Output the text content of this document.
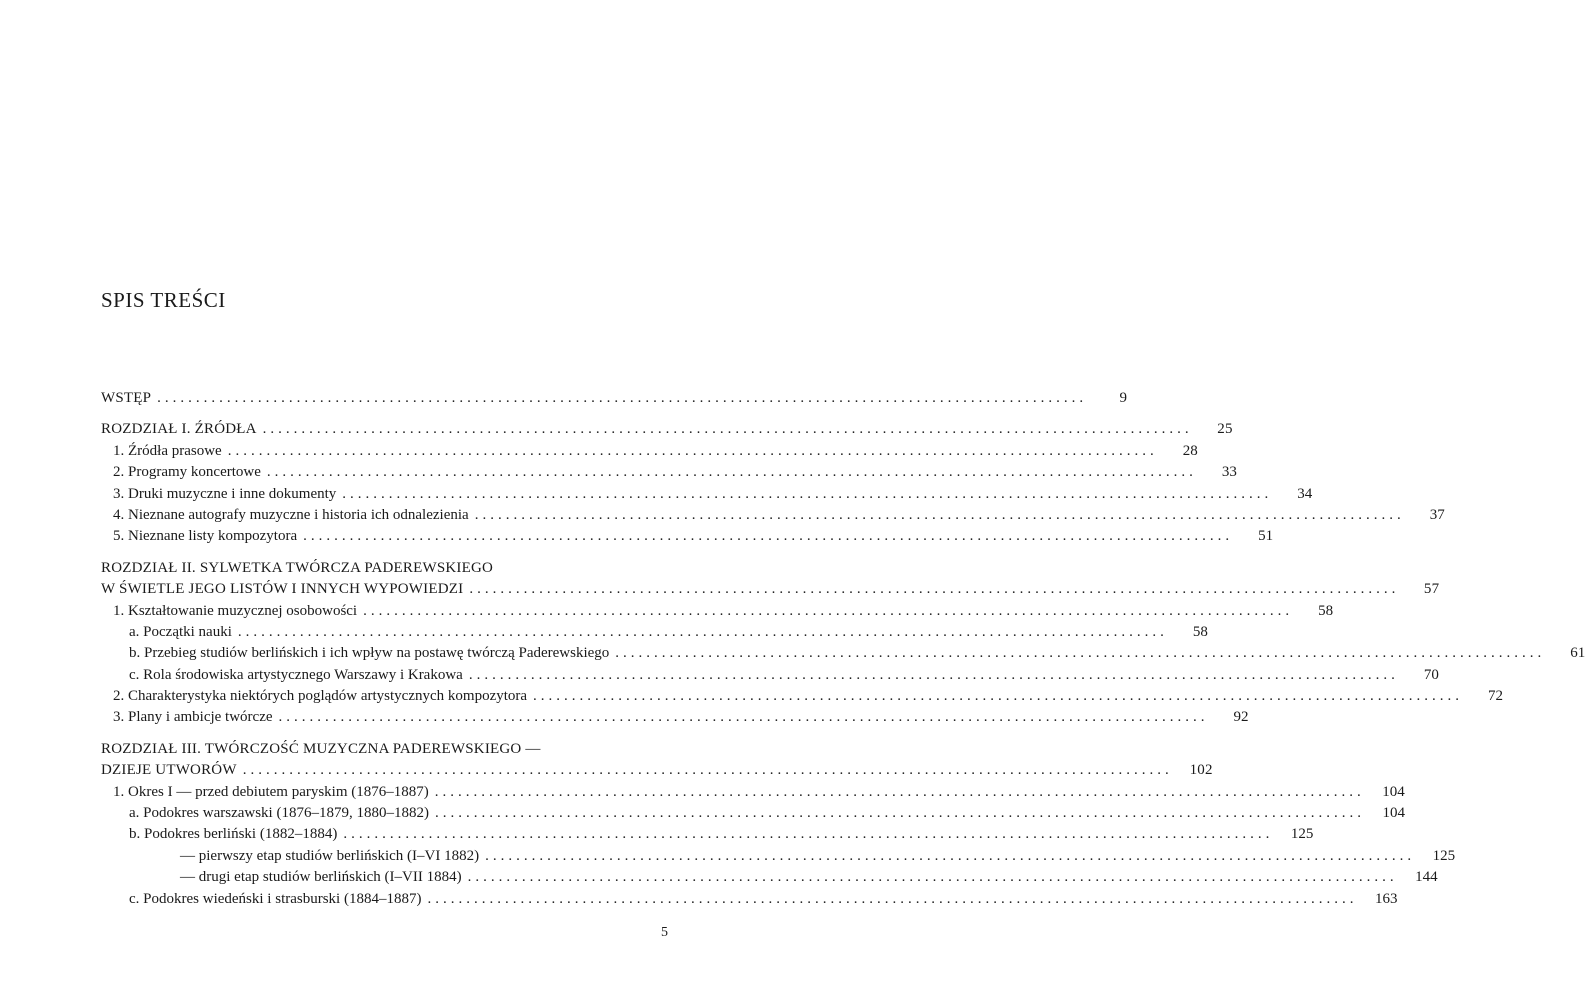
SPIS TREŚCI
WSTĘP ........................................................................................................................	9
ROZDZIAŁ I. ŹRÓDŁA ........................................................................................................................	25
1. Źródła prasowe ........................................................................................................................	28
2. Programy koncertowe ........................................................................................................................	33
3. Druki muzyczne i inne dokumenty ........................................................................................................................	34
4. Nieznane autografy muzyczne i historia ich odnalezienia ........................................................................................................................	37
5. Nieznane listy kompozytora ........................................................................................................................	51
ROZDZIAŁ II. SYLWETKA TWÓRCZA PADEREWSKIEGO
W ŚWIETLE JEGO LISTÓW I INNYCH WYPOWIEDZI ........................................................................................................................	57
1. Kształtowanie muzycznej osobowości ........................................................................................................................	58
a. Początki nauki ........................................................................................................................	58
b. Przebieg studiów berlińskich i ich wpływ na postawę twórczą Paderewskiego ........................................................................................................................	61
c. Rola środowiska artystycznego Warszawy i Krakowa ........................................................................................................................	70
2. Charakterystyka niektórych poglądów artystycznych kompozytora ........................................................................................................................	72
3. Plany i ambicje twórcze ........................................................................................................................	92
ROZDZIAŁ III. TWÓRCZOŚĆ MUZYCZNA PADEREWSKIEGO —
DZIEJE UTWORÓW ........................................................................................................................	102
1. Okres I — przed debiutem paryskim (1876–1887) ........................................................................................................................	104
a. Podokres warszawski (1876–1879, 1880–1882) ........................................................................................................................	104
b. Podokres berliński (1882–1884) ........................................................................................................................	125
— pierwszy etap studiów berlińskich (I–VI 1882) ........................................................................................................................	125
— drugi etap studiów berlińskich (I–VII 1884) ........................................................................................................................	144
c. Podokres wiedeński i strasburski (1884–1887) ........................................................................................................................	163
5
